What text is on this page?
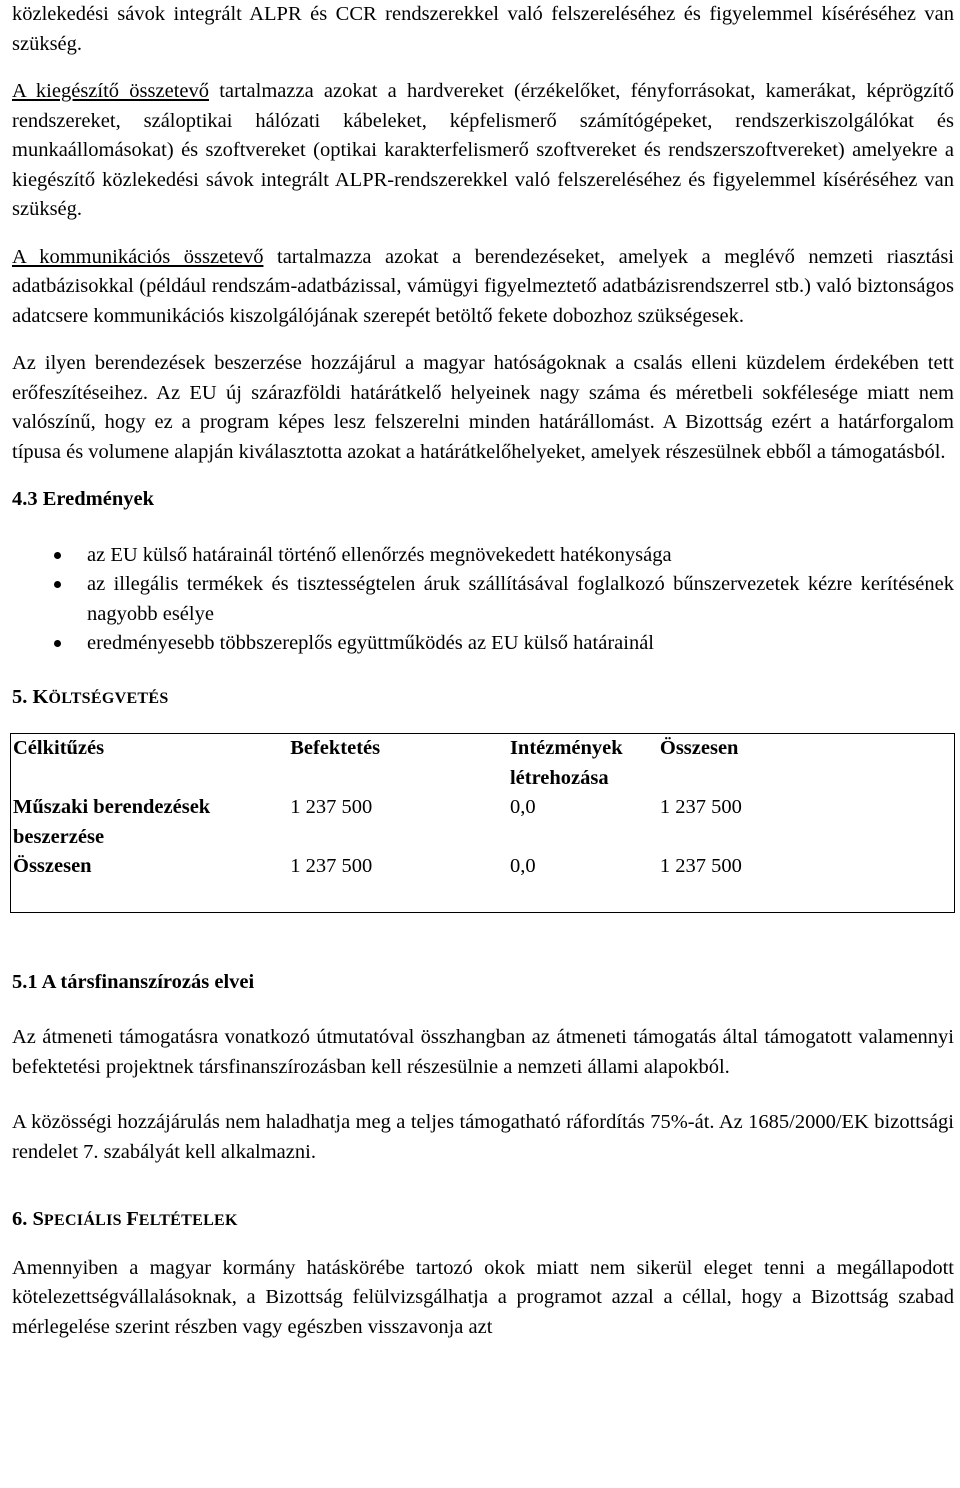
közlekedési sávok integrált ALPR és CCR rendszerekkel való felszereléséhez és figyelemmel kíséréséhez van szükség.

A kiegészítő összetevő tartalmazza azokat a hardvereket (érzékelőket, fényforrásokat, kamerákat, képrögzítő rendszereket, száloptikai hálózati kábeleket, képfelismerő számítógépeket, rendszerkiszolgálókat és munkaállomásokat) és szoftvereket (optikai karakterfelismerő szoftvereket és rendszerszoftvereket) amelyekre a kiegészítő közlekedési sávok integrált ALPR-rendszerekkel való felszereléséhez és figyelemmel kíséréséhez van szükség.

A kommunikációs összetevő tartalmazza azokat a berendezéseket, amelyek a meglévő nemzeti riasztási adatbázisokkal (például rendszám-adatbázissal, vámügyi figyelmeztető adatbázisrendszerrel stb.) való biztonságos adatcsere kommunikációs kiszolgálójának szerepét betöltő fekete dobozhoz szükségesek.

Az ilyen berendezések beszerzése hozzájárul a magyar hatóságoknak a csalás elleni küzdelem érdekében tett erőfeszítéseihez. Az EU új szárazföldi határátkelő helyeinek nagy száma és méretbeli sokfélesége miatt nem valószínű, hogy ez a program képes lesz felszerelni minden határállomást. A Bizottság ezért a határforgalom típusa és volumene alapján kiválasztotta azokat a határátkelőhelyeket, amelyek részesülnek ebből a támogatásból.

4.3 Eredmények

az EU külső határainál történő ellenőrzés megnövekedett hatékonysága
az illegális termékek és tisztességtelen áruk szállításával foglalkozó bűnszervezetek kézre kerítésének nagyobb esélye
eredményesebb többszereplős együttműködés az EU külső határainál

5. KÖLTSÉGVETÉS

Célkitűzés	Befektetés	Intézmények létrehozása	Összesen
Műszaki berendezések beszerzése	1 237 500	0,0	1 237 500
Összesen	1 237 500	0,0	1 237 500

5.1 A társfinanszírozás elvei

Az átmeneti támogatásra vonatkozó útmutatóval összhangban az átmeneti támogatás által támogatott valamennyi befektetési projektnek társfinanszírozásban kell részesülnie a nemzeti állami alapokból.

A közösségi hozzájárulás nem haladhatja meg a teljes támogatható ráfordítás 75%-át. Az 1685/2000/EK bizottsági rendelet 7. szabályát kell alkalmazni.

6. SPECIÁLIS FELTÉTELEK

Amennyiben a magyar kormány hatáskörébe tartozó okok miatt nem sikerül eleget tenni a megállapodott kötelezettségvállalásoknak, a Bizottság felülvizsgálhatja a programot azzal a céllal, hogy a Bizottság szabad mérlegelése szerint részben vagy egészben visszavonja azt
